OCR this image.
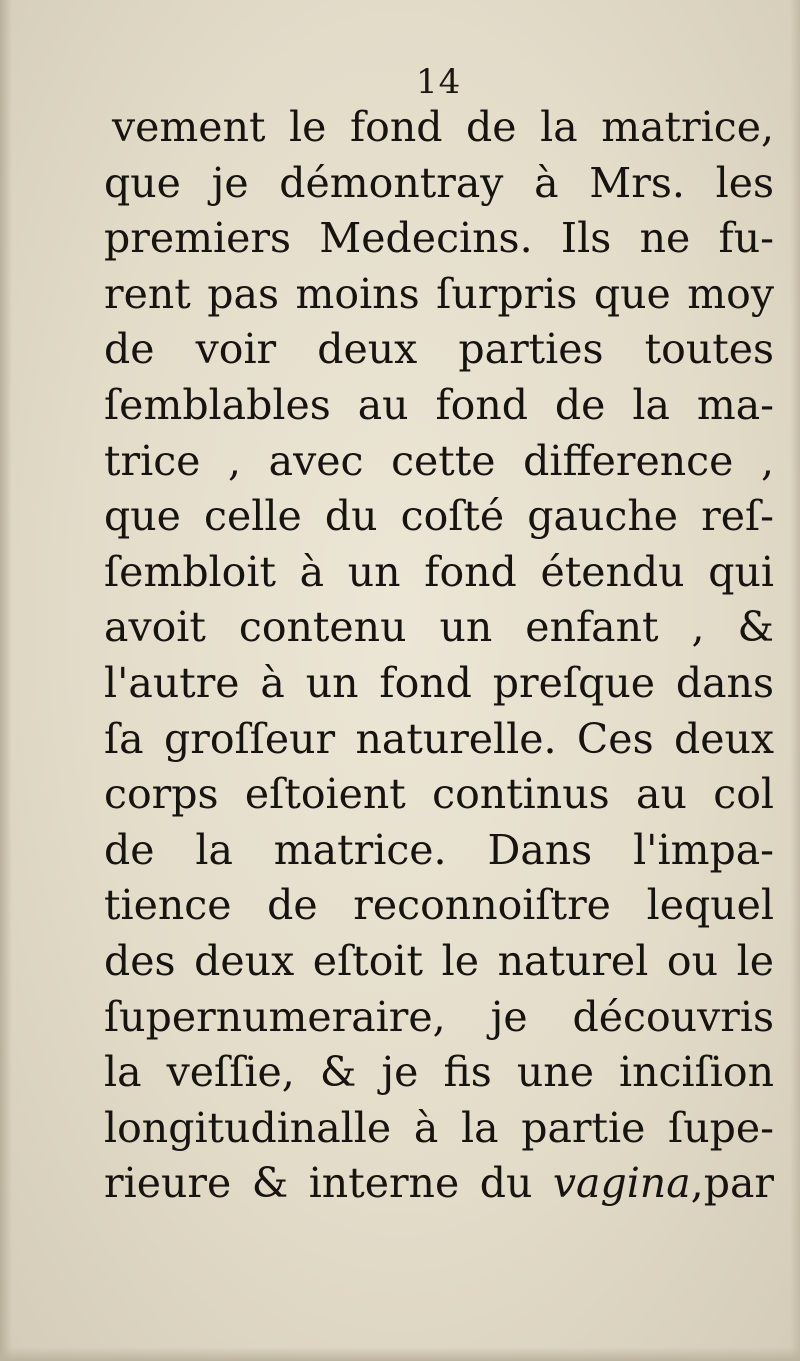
14
vement le fond de la matrice,
que je démontray à Mrs. les
premiers Medecins. Ils ne fu-
rent pas moins ſurpris que moy
de voir deux parties toutes
ſemblables au fond de la ma-
trice , avec cette difference ,
que celle du coſté gauche reſ-
ſembloit à un fond étendu qui
avoit contenu un enfant , &
l'autre à un fond preſque dans
ſa groſſeur naturelle. Ces deux
corps eſtoient continus au col
de la matrice. Dans l'impa-
tience de reconnoiſtre lequel
des deux eſtoit le naturel ou le
ſupernumeraire, je découvris
la veſſie, & je fis une inciſion
longitudinalle à la partie ſupe-
rieure & interne du vagina,par
